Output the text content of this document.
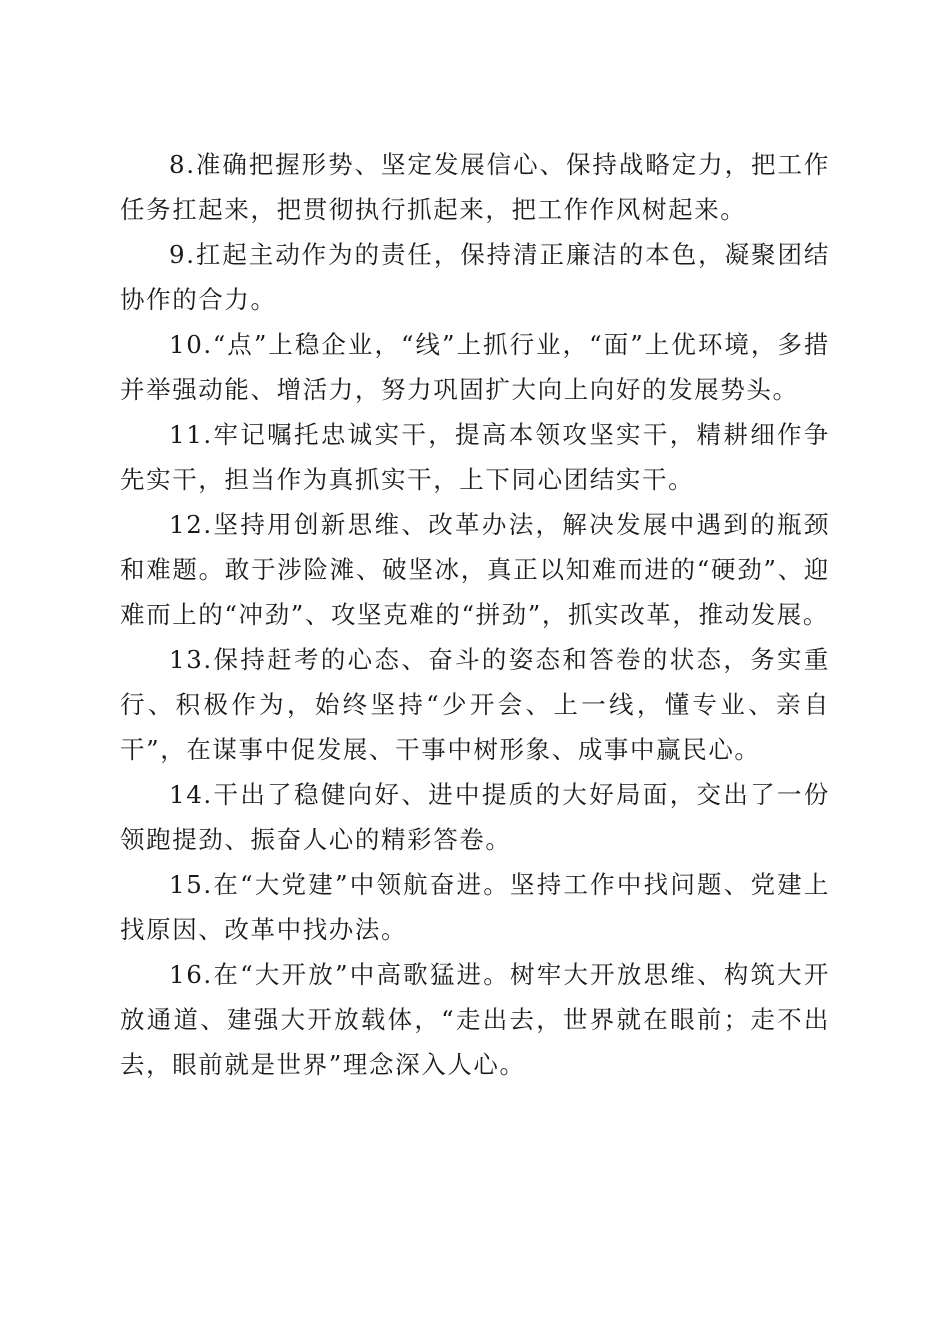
8.准确把握形势、坚定发展信心、保持战略定力，把工作任务扛起来，把贯彻执行抓起来，把工作作风树起来。

9.扛起主动作为的责任，保持清正廉洁的本色，凝聚团结协作的合力。

10.“点”上稳企业，“线”上抓行业，“面”上优环境，多措并举强动能、增活力，努力巩固扩大向上向好的发展势头。

11.牢记嘱托忠诚实干，提高本领攻坚实干，精耕细作争先实干，担当作为真抓实干，上下同心团结实干。

12.坚持用创新思维、改革办法，解决发展中遇到的瓶颈和难题。敢于涉险滩、破坚冰，真正以知难而进的“硬劲”、迎难而上的“冲劲”、攻坚克难的“拼劲”，抓实改革，推动发展。

13.保持赶考的心态、奋斗的姿态和答卷的状态，务实重行、积极作为，始终坚持“少开会、上一线，懂专业、亲自干”，在谋事中促发展、干事中树形象、成事中赢民心。

14.干出了稳健向好、进中提质的大好局面，交出了一份领跑提劲、振奋人心的精彩答卷。

15.在“大党建”中领航奋进。坚持工作中找问题、党建上找原因、改革中找办法。

16.在“大开放”中高歌猛进。树牢大开放思维、构筑大开放通道、建强大开放载体，“走出去，世界就在眼前；走不出去，眼前就是世界”理念深入人心。
